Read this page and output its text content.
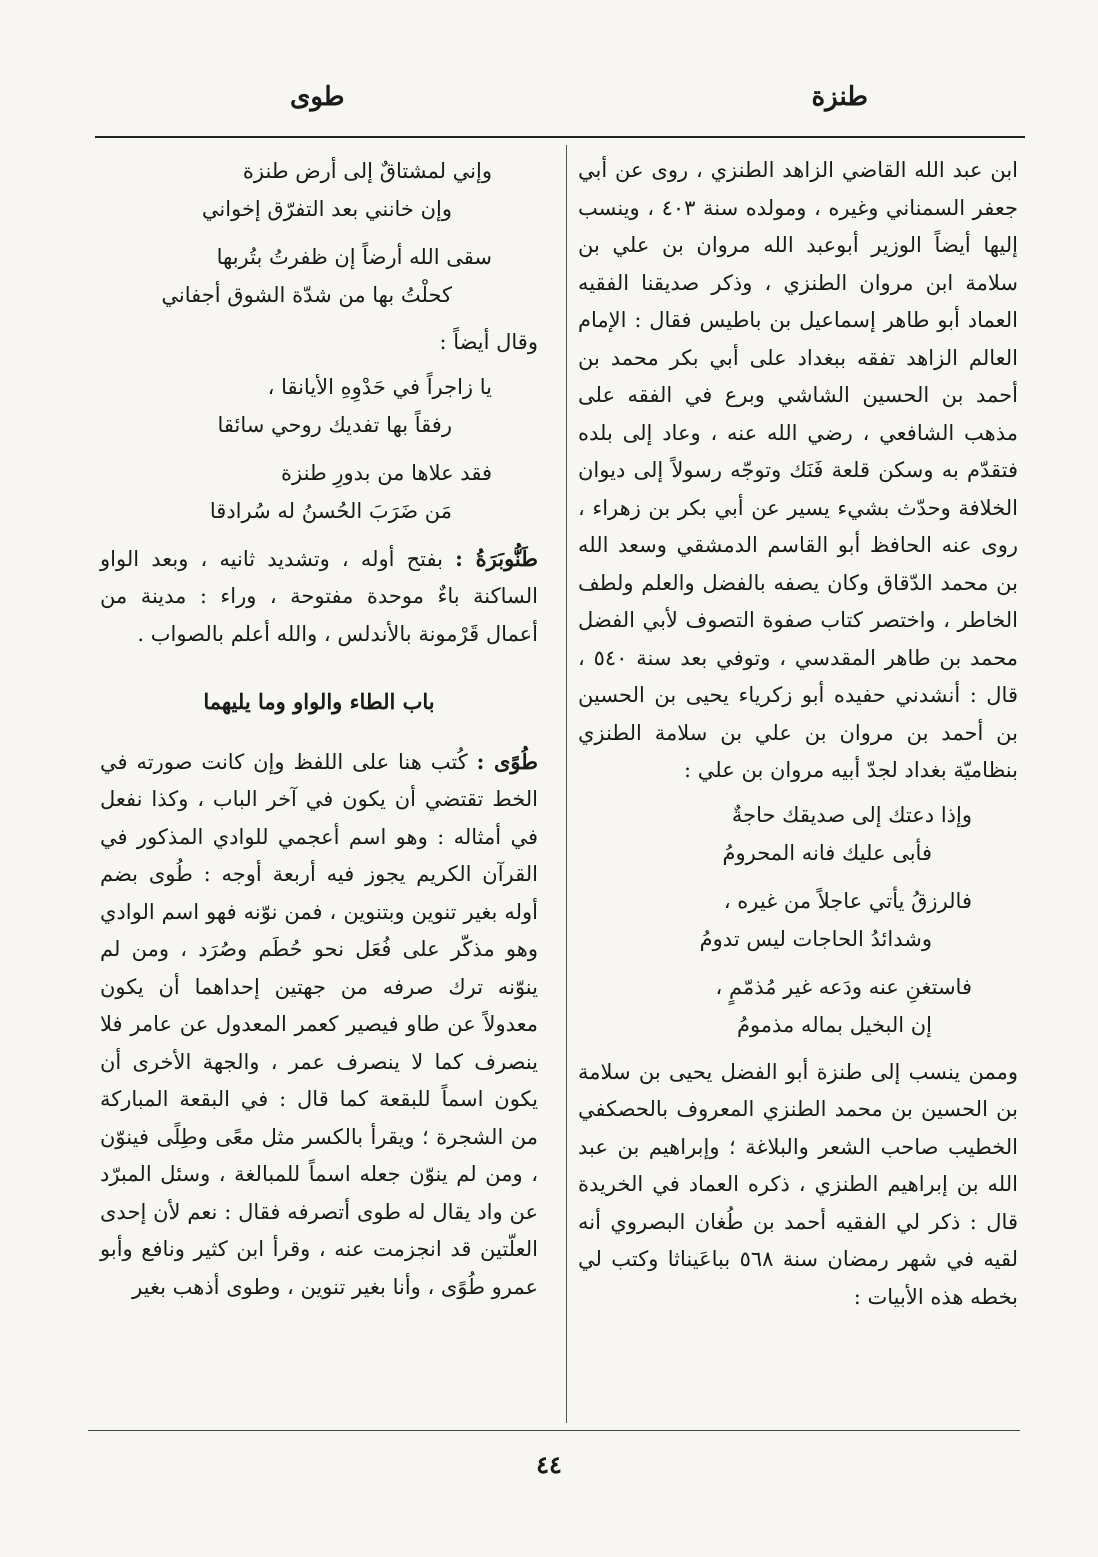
طنزة
طوى

ابن عبد الله القاضي الزاهد الطنزي ، روى عن أبي جعفر السمناني وغيره ، ومولده سنة ٤٠٣ ، وينسب إليها أيضاً الوزير أبوعبد الله مروان بن علي بن سلامة ابن مروان الطنزي ، وذكر صديقنا الفقيه العماد أبو طاهر إسماعيل بن باطيس فقال : الإمام العالم الزاهد تفقه ببغداد على أبي بكر محمد بن أحمد بن الحسين الشاشي وبرع في الفقه على مذهب الشافعي ، رضي الله عنه ، وعاد إلى بلده فتقدّم به وسكن قلعة فَنَك وتوجّه رسولاً إلى ديوان الخلافة وحدّث بشيء يسير عن أبي بكر بن زهراء ، روى عنه الحافظ أبو القاسم الدمشقي وسعد الله بن محمد الدّقاق وكان يصفه بالفضل والعلم ولطف الخاطر ، واختصر كتاب صفوة التصوف لأبي الفضل محمد بن طاهر المقدسي ، وتوفي بعد سنة ٥٤٠ ، قال : أنشدني حفيده أبو زكرياء يحيى بن الحسين بن أحمد بن مروان بن علي بن سلامة الطنزي بنظاميّة بغداد لجدّ أبيه مروان بن علي :

وإذا دعتك إلى صديقك حاجةٌ

فأبى عليك فانه المحرومُ

فالرزقُ يأتي عاجلاً من غيره ،

وشدائدُ الحاجات ليس تدومُ

فاستغنِ عنه ودَعه غير مُذمّمٍ ،

إن البخيل بماله مذمومُ

وممن ينسب إلى طنزة أبو الفضل يحيى بن سلامة بن الحسين بن محمد الطنزي المعروف بالحصكفي الخطيب صاحب الشعر والبلاغة ؛ وإبراهيم بن عبد الله بن إبراهيم الطنزي ، ذكره العماد في الخريدة قال : ذكر لي الفقيه أحمد بن طُغان البصروي أنه لقيه في شهر رمضان سنة ٥٦٨ بباعَيناثا وكتب لي بخطه هذه الأبيات :

وإني لمشتاقٌ إلى أرض طنزة

وإن خانني بعد التفرّق إخواني

سقى الله أرضاً إن ظفرتُ بتُربها

كحلْتُ بها من شدّة الشوق أجفاني

وقال أيضاً :

يا زاجراً في حَدْوِهِ الأيانقا ،

رفقاً بها تفديك روحي سائقا

فقد علاها من بدورِ طنزة

مَن ضَرَبَ الحُسنُ له سُرادقا

طَنُّوبَرَةُ : بفتح أوله ، وتشديد ثانيه ، وبعد الواو الساكنة باءٌ موحدة مفتوحة ، وراء : مدينة من أعمال قَرْمونة بالأندلس ، والله أعلم بالصواب .

باب الطاء والواو وما يليهما

طُوًى : كُتب هنا على اللفظ وإن كانت صورته في الخط تقتضي أن يكون في آخر الباب ، وكذا نفعل في أمثاله : وهو اسم أعجمي للوادي المذكور في القرآن الكريم يجوز فيه أربعة أوجه : طُوى بضم أوله بغير تنوين وبتنوين ، فمن نوّنه فهو اسم الوادي وهو مذكّر على فُعَل نحو حُطَم وصُرَد ، ومن لم ينوّنه ترك صرفه من جهتين إحداهما أن يكون معدولاً عن طاو فيصير كعمر المعدول عن عامر فلا ينصرف كما لا ينصرف عمر ، والجهة الأخرى أن يكون اسماً للبقعة كما قال : في البقعة المباركة من الشجرة ؛ ويقرأ بالكسر مثل معًى وطِلًى فينوّن ، ومن لم ينوّن جعله اسماً للمبالغة ، وسئل المبرّد عن واد يقال له طوى أتصرفه فقال : نعم لأن إحدى العلّتين قد انجزمت عنه ، وقرأ ابن كثير ونافع وأبو عمرو طُوًى ، وأنا بغير تنوين ، وطوى أذهب بغير

٤٤
